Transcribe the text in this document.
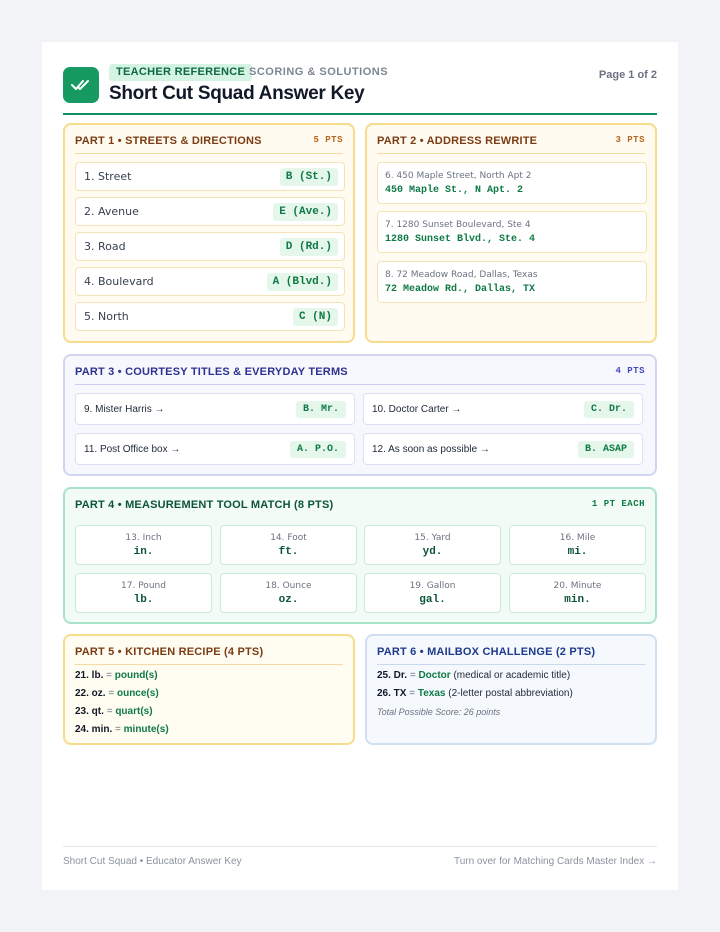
TEACHER REFERENCE SCORING & SOLUTIONS
Short Cut Squad Answer Key
Page 1 of 2
PART 1 • STREETS & DIRECTIONS	5 PTS
1. Street	B (St.)
2. Avenue	E (Ave.)
3. Road	D (Rd.)
4. Boulevard	A (Blvd.)
5. North	C (N)
PART 2 • ADDRESS REWRITE	3 PTS
6. 450 Maple Street, North Apt 2
450 Maple St., N Apt. 2
7. 1280 Sunset Boulevard, Ste 4
1280 Sunset Blvd., Ste. 4
8. 72 Meadow Road, Dallas, Texas
72 Meadow Rd., Dallas, TX
PART 3 • COURTESY TITLES & EVERYDAY TERMS	4 PTS
9. Mister Harris →	B. Mr.	10. Doctor Carter →	C. Dr.
11. Post Office box →	A. P.O.	12. As soon as possible →	B. ASAP
PART 4 • MEASUREMENT TOOL MATCH (8 PTS)	1 PT EACH
13. Inch
in.
14. Foot
ft.
15. Yard
yd.
16. Mile
mi.
17. Pound
lb.
18. Ounce
oz.
19. Gallon
gal.
20. Minute
min.
PART 5 • KITCHEN RECIPE (4 PTS)
21. lb. = pound(s)
22. oz. = ounce(s)
23. qt. = quart(s)
24. min. = minute(s)
PART 6 • MAILBOX CHALLENGE (2 PTS)
25. Dr. = Doctor (medical or academic title)
26. TX = Texas (2-letter postal abbreviation)
Total Possible Score: 26 points
Short Cut Squad • Educator Answer Key	Turn over for Matching Cards Master Index →
